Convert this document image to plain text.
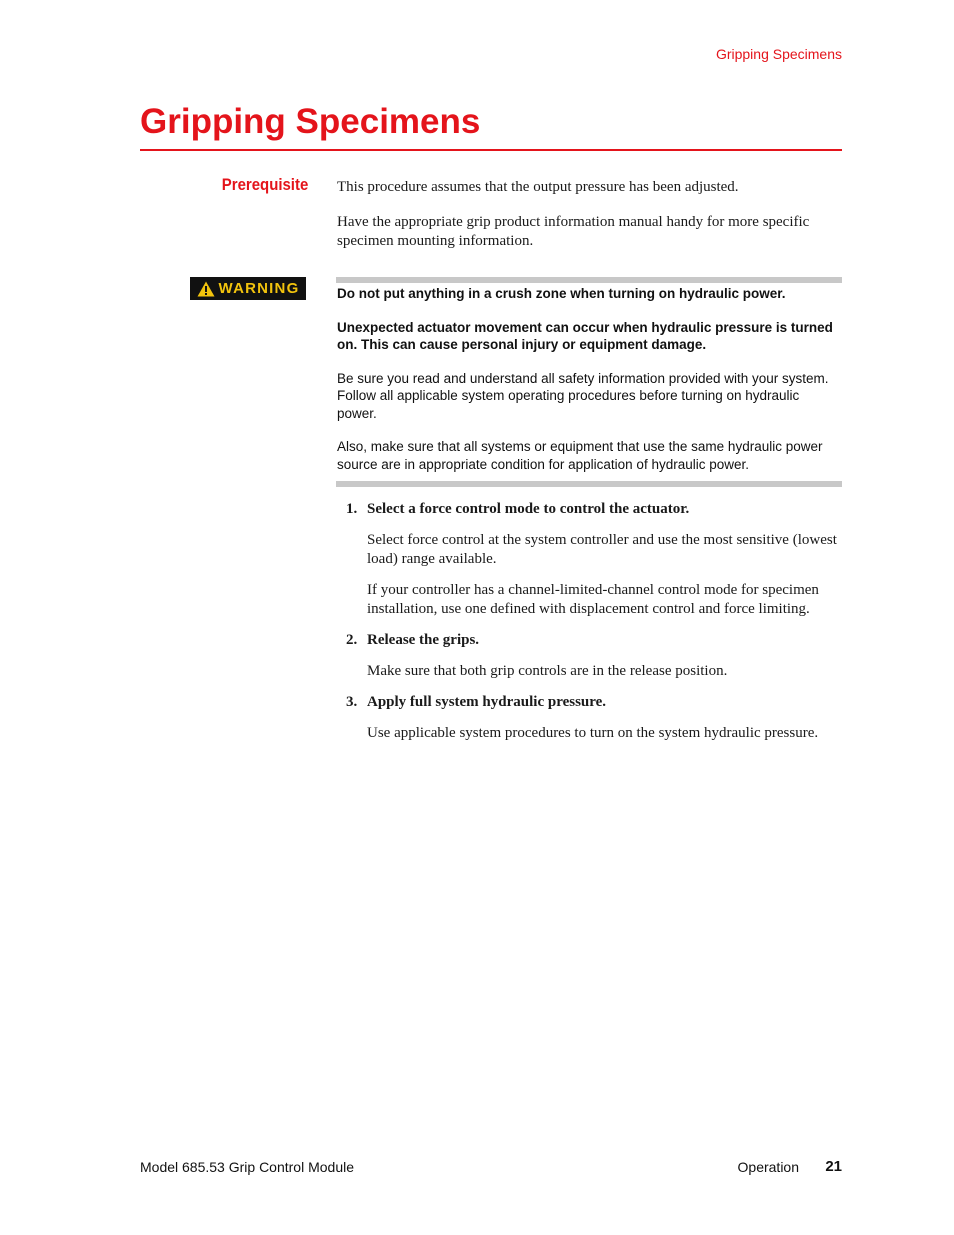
Gripping Specimens
Gripping Specimens
Prerequisite This procedure assumes that the output pressure has been adjusted.

Have the appropriate grip product information manual handy for more specific specimen mounting information.

WARNING	Do not put anything in a crush zone when turning on hydraulic power.

Unexpected actuator movement can occur when hydraulic pressure is turned on. This can cause personal injury or equipment damage.

Be sure you read and understand all safety information provided with your system. Follow all applicable system operating procedures before turning on hydraulic power.

Also, make sure that all systems or equipment that use the same hydraulic power source are in appropriate condition for application of hydraulic power.

1. Select a force control mode to control the actuator.

Select force control at the system controller and use the most sensitive (lowest load) range available.

If your controller has a channel-limited-channel control mode for specimen installation, use one defined with displacement control and force limiting.

2. Release the grips.

Make sure that both grip controls are in the release position.

3. Apply full system hydraulic pressure.

Use applicable system procedures to turn on the system hydraulic pressure.

Model 685.53 Grip Control Module	Operation 21
